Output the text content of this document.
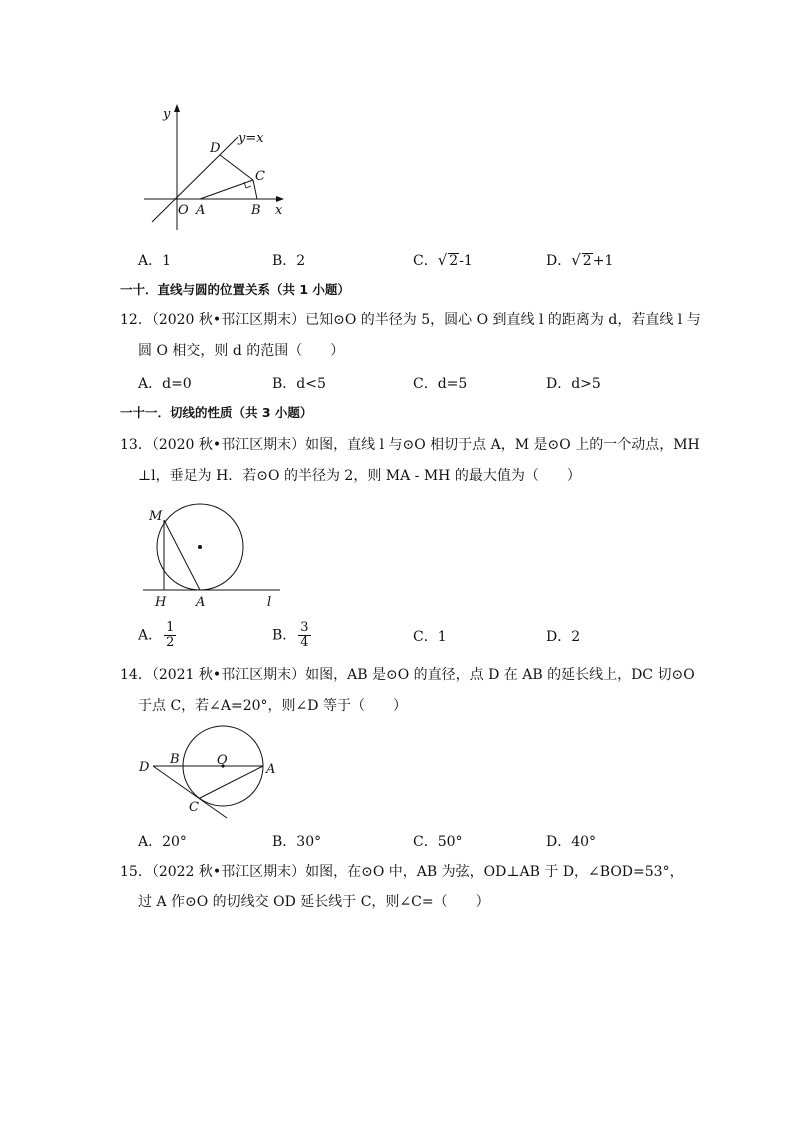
y
y=x
D
C
O A	B x
A．1	B．2	C．√ 2-1	D．√ 2+1
一十．直线与圆的位置关系（共 1 小题）
12．（2020 秋•邗江区期末）已知⊙O 的半径为 5，圆心 O 到直线 l 的距离为 d，若直线 l 与
圆 O 相交，则 d 的范围（　　）
A．d=0	B．d<5	C．d=5	D．d>5
一十一．切线的性质（共 3 小题）
13．（2020 秋•邗江区期末）如图，直线 l 与⊙O 相切于点 A，M 是⊙O 上的一个动点，MH
⊥l，垂足为 H．若⊙O 的半径为 2，则 MA - MH 的最大值为（　　）
M
H A	l
A． $\frac{1}{2}$	B． $\frac{3}{4}$	C．1	D．2
14．（2021 秋•邗江区期末）如图，AB 是⊙O 的直径，点 D 在 AB 的延长线上，DC 切⊙O
于点 C，若∠A=20°，则∠D 等于（　　）
D
B	O
A
C
A．20°	B．30°	C．50°	D．40°
15．（2022 秋•邗江区期末）如图，在⊙O 中，AB 为弦，OD⊥AB 于 D，∠BOD=53°，
过 A 作⊙O 的切线交 OD 延长线于 C，则∠C=（　　）
